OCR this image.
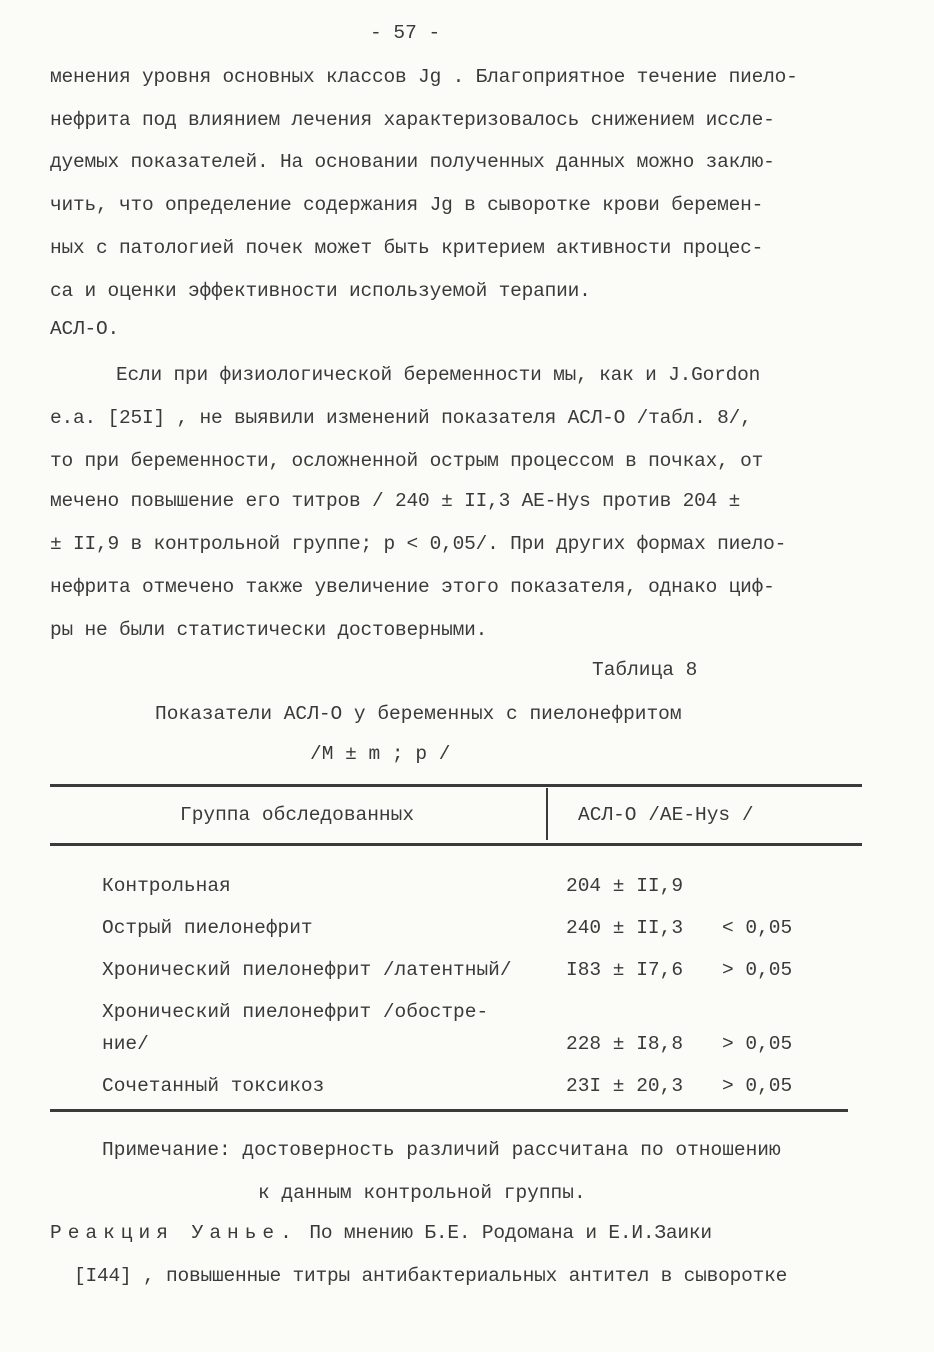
- 57 -
менения уровня основных классов Jg . Благоприятное течение пиело-
нефрита под влиянием лечения характеризовалось снижением иссле-
дуемых показателей. На основании полученных данных можно заклю-
чить, что определение содержания Jg в сыворотке крови беремен-
ных с патологией почек может быть критерием активности процес-
са и оценки эффективности используемой терапии.
АСЛ-О.
Если при физиологической беременности мы, как и J.Gordon
e.a. [25I] , не выявили изменений показателя АСЛ-О /табл. 8/,
то при беременности, осложненной острым процессом в почках, от
мечено повышение его титров / 240 ± II,3 АЕ-Hys против 204 ±
± II,9 в контрольной группе; p < 0,05/. При других формах пиело-
нефрита отмечено также увеличение этого показателя, однако циф-
ры не были статистически достоверными.
Таблица 8
Показатели АСЛ-О у беременных с пиелонефритом
/М ± m ; p /
Группа обследованных	АСЛ-О /АЕ-Hys /
Контрольная	204 ± II,9
Острый пиелонефрит	240 ± II,3 < 0,05
Хронический пиелонефрит /латентный/	I83 ± I7,6 > 0,05
Хронический пиелонефрит /обостре-
ние/	228 ± I8,8 > 0,05
Сочетанный токсикоз	23I ± 20,3 > 0,05
Примечание: достоверность различий рассчитана по отношению
к данным контрольной группы.
Реакция Уанье. По мнению Б.Е. Родомана и Е.И.Заики
[I44] , повышенные титры антибактериальных антител в сыворотке
